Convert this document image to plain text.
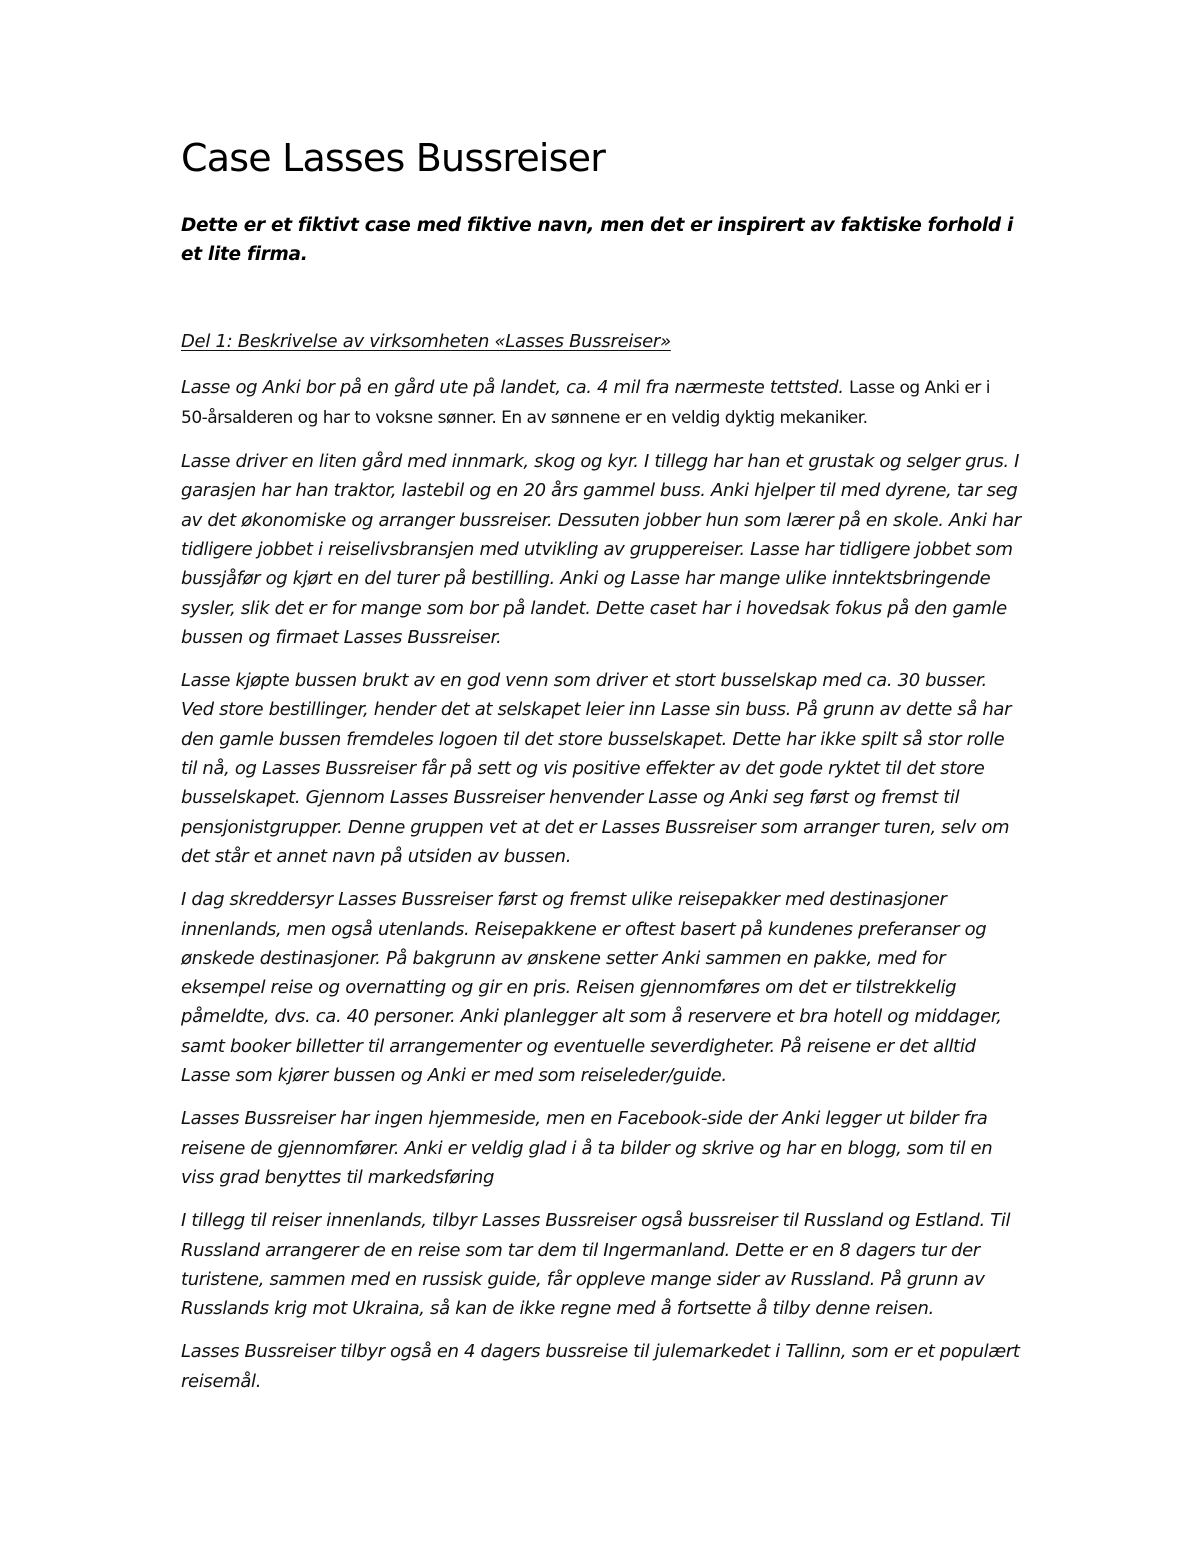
Case Lasses Bussreiser

Dette er et fiktivt case med fiktive navn, men det er inspirert av faktiske forhold i et lite firma.

Del 1: Beskrivelse av virksomheten «Lasses Bussreiser»

Lasse og Anki bor på en gård ute på landet, ca. 4 mil fra nærmeste tettsted. Lasse og Anki er i 50-årsalderen og har to voksne sønner. En av sønnene er en veldig dyktig mekaniker.

Lasse driver en liten gård med innmark, skog og kyr. I tillegg har han et grustak og selger grus. I garasjen har han traktor, lastebil og en 20 års gammel buss. Anki hjelper til med dyrene, tar seg av det økonomiske og arranger bussreiser. Dessuten jobber hun som lærer på en skole. Anki har tidligere jobbet i reiselivsbransjen med utvikling av gruppereiser. Lasse har tidligere jobbet som bussjåfør og kjørt en del turer på bestilling. Anki og Lasse har mange ulike inntektsbringende sysler, slik det er for mange som bor på landet. Dette caset har i hovedsak fokus på den gamle bussen og firmaet Lasses Bussreiser.

Lasse kjøpte bussen brukt av en god venn som driver et stort busselskap med ca. 30 busser. Ved store bestillinger, hender det at selskapet leier inn Lasse sin buss. På grunn av dette så har den gamle bussen fremdeles logoen til det store busselskapet. Dette har ikke spilt så stor rolle til nå, og Lasses Bussreiser får på sett og vis positive effekter av det gode ryktet til det store busselskapet. Gjennom Lasses Bussreiser henvender Lasse og Anki seg først og fremst til pensjonistgrupper. Denne gruppen vet at det er Lasses Bussreiser som arranger turen, selv om det står et annet navn på utsiden av bussen.

I dag skreddersyr Lasses Bussreiser først og fremst ulike reisepakker med destinasjoner innenlands, men også utenlands. Reisepakkene er oftest basert på kundenes preferanser og ønskede destinasjoner. På bakgrunn av ønskene setter Anki sammen en pakke, med for eksempel reise og overnatting og gir en pris. Reisen gjennomføres om det er tilstrekkelig påmeldte, dvs. ca. 40 personer. Anki planlegger alt som å reservere et bra hotell og middager, samt booker billetter til arrangementer og eventuelle severdigheter. På reisene er det alltid Lasse som kjører bussen og Anki er med som reiseleder/guide.

Lasses Bussreiser har ingen hjemmeside, men en Facebook-side der Anki legger ut bilder fra reisene de gjennomfører. Anki er veldig glad i å ta bilder og skrive og har en blogg, som til en viss grad benyttes til markedsføring

I tillegg til reiser innenlands, tilbyr Lasses Bussreiser også bussreiser til Russland og Estland. Til Russland arrangerer de en reise som tar dem til Ingermanland. Dette er en 8 dagers tur der turistene, sammen med en russisk guide, får oppleve mange sider av Russland. På grunn av Russlands krig mot Ukraina, så kan de ikke regne med å fortsette å tilby denne reisen.

Lasses Bussreiser tilbyr også en 4 dagers bussreise til julemarkedet i Tallinn, som er et populært reisemål.
